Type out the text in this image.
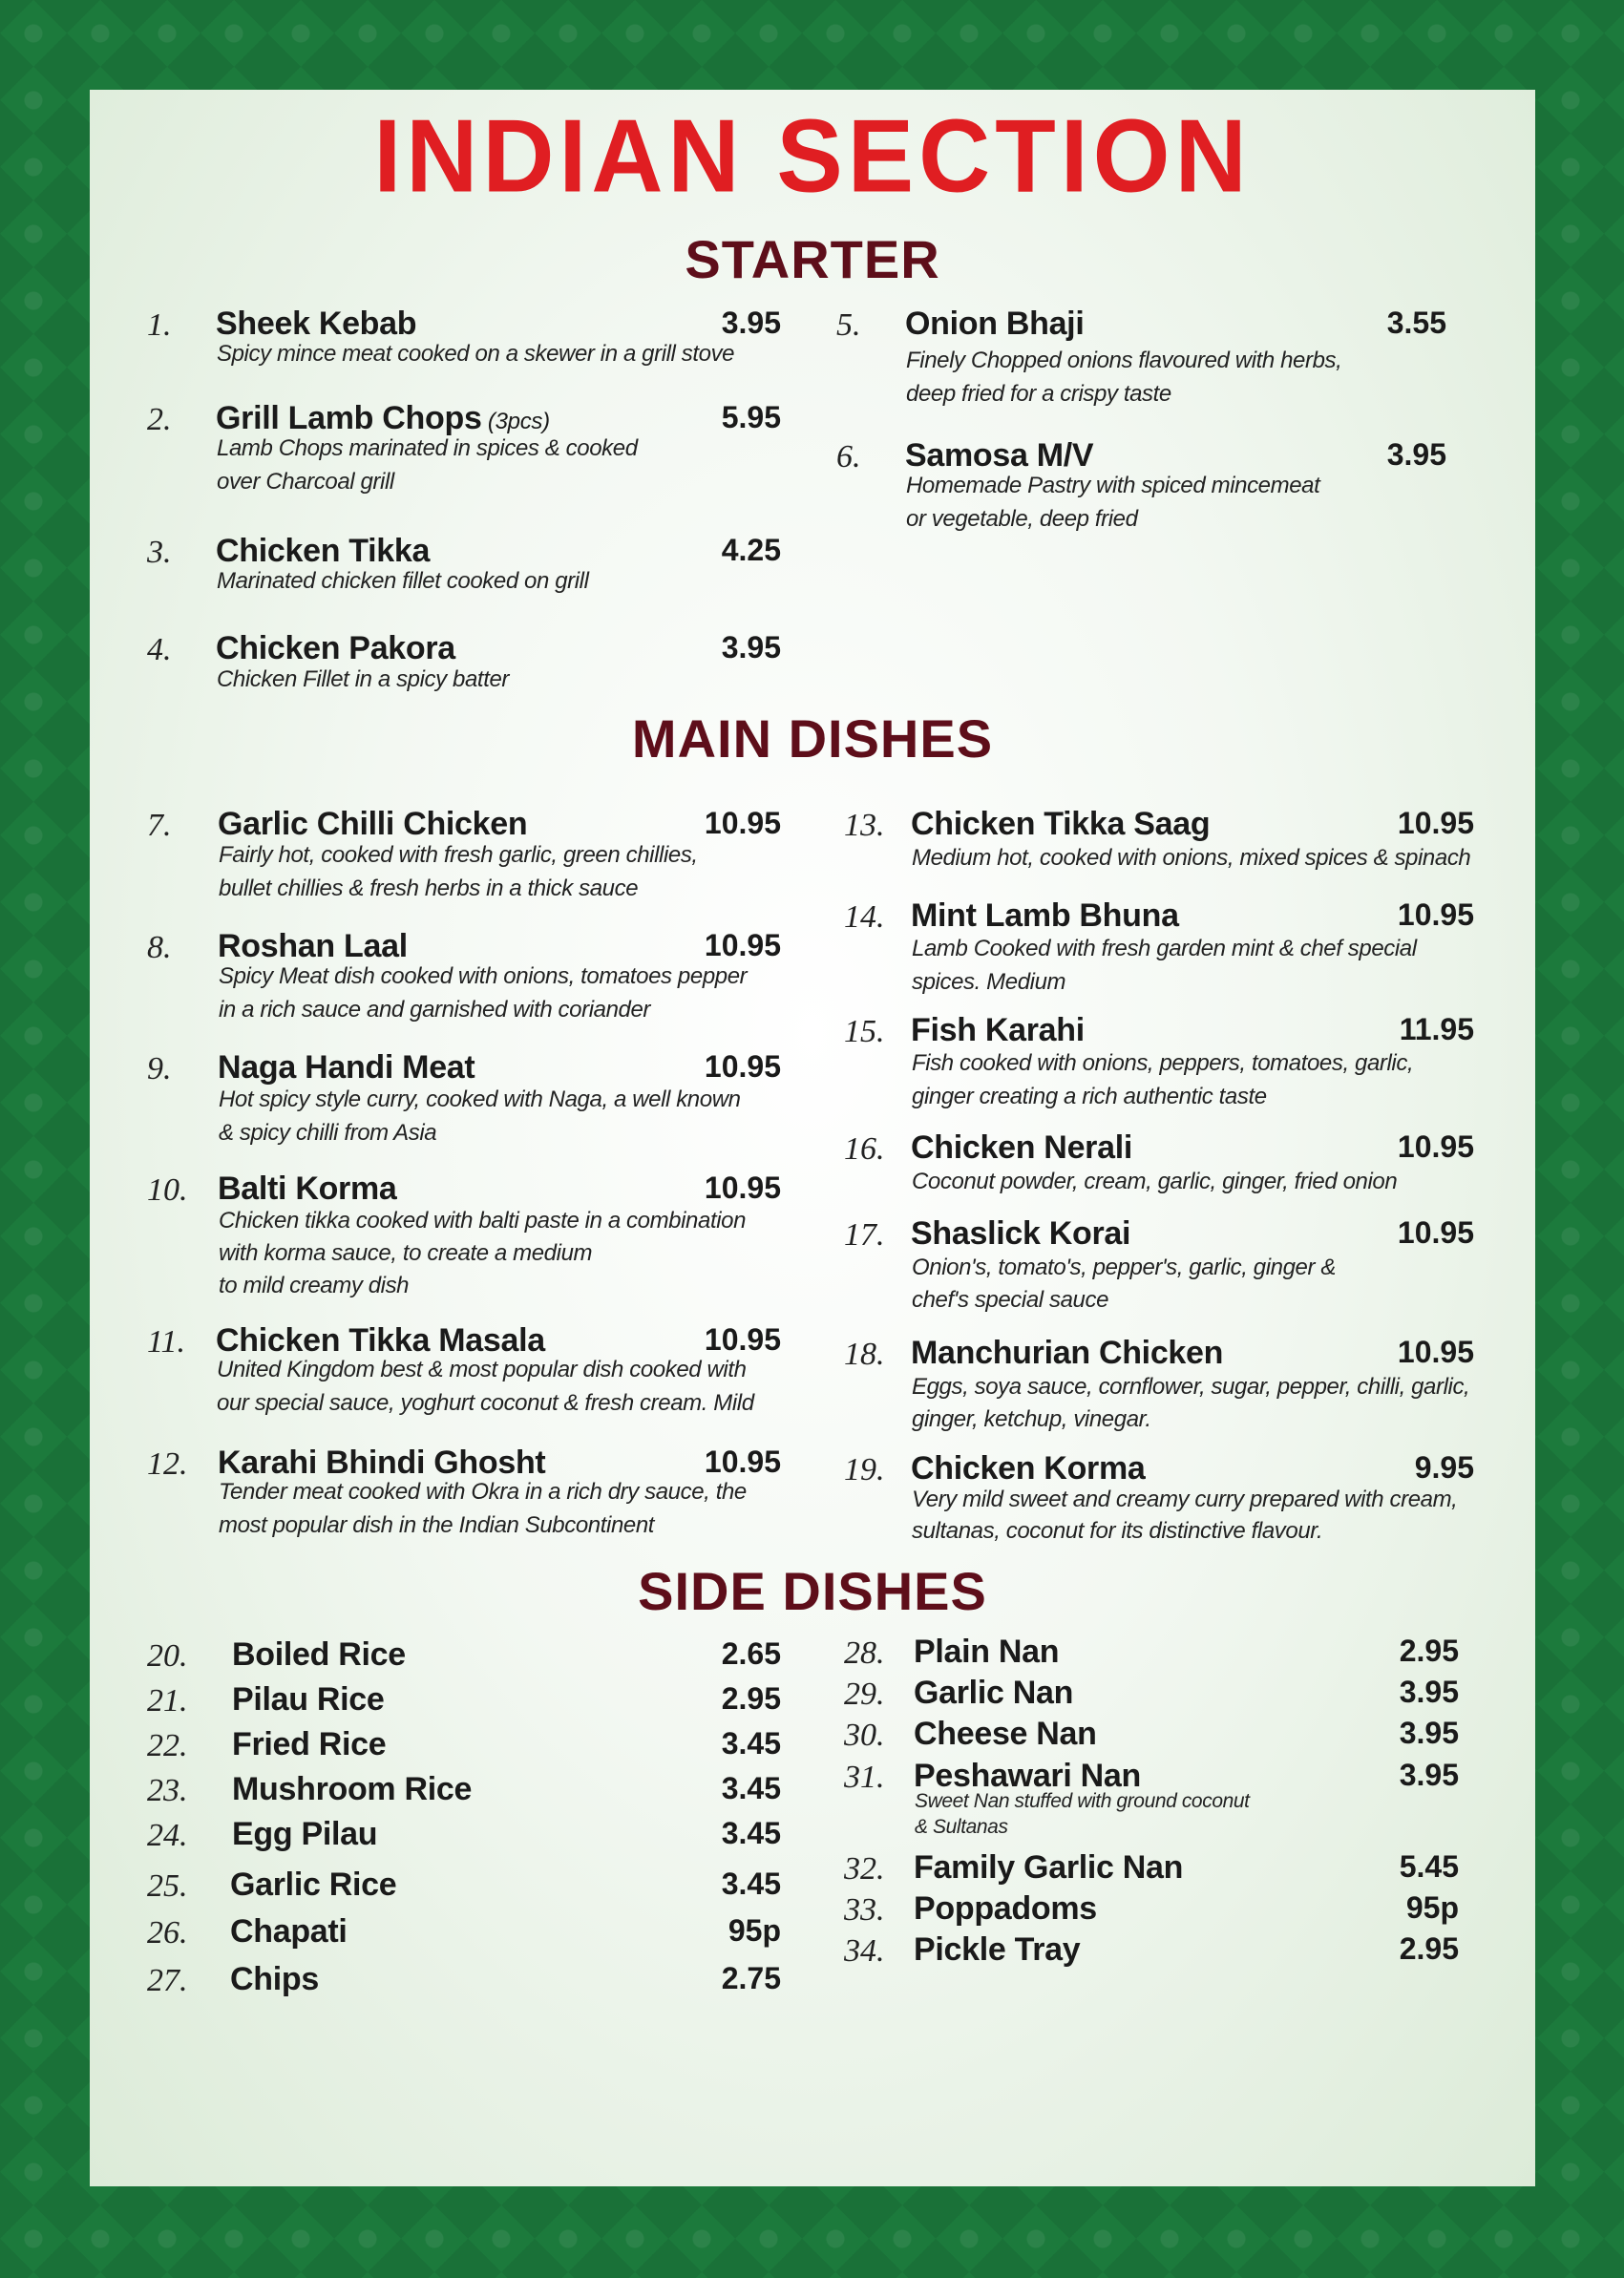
INDIAN SECTION
STARTER
MAIN DISHES
SIDE DISHES
1. Sheek Kebab	3.95
Spicy mince meat cooked on a skewer in a grill stove
2. Grill Lamb Chops (3pcs)	5.95
Lamb Chops marinated in spices & cooked
over Charcoal grill
3. Chicken Tikka	4.25
Marinated chicken fillet cooked on grill
4. Chicken Pakora	3.95
Chicken Fillet in a spicy batter
5. Onion Bhaji	3.55
Finely Chopped onions flavoured with herbs,
deep fried for a crispy taste
6. Samosa M/V	3.95
Homemade Pastry with spiced mincemeat
or vegetable, deep fried
7. Garlic Chilli Chicken	10.95
Fairly hot, cooked with fresh garlic, green chillies,
bullet chillies & fresh herbs in a thick sauce
8. Roshan Laal	10.95
Spicy Meat dish cooked with onions, tomatoes pepper
in a rich sauce and garnished with coriander
9. Naga Handi Meat	10.95
Hot spicy style curry, cooked with Naga, a well known
& spicy chilli from Asia
10. Balti Korma	10.95
Chicken tikka cooked with balti paste in a combination
with korma sauce, to create a medium
to mild creamy dish
11. Chicken Tikka Masala	10.95
United Kingdom best & most popular dish cooked with
our special sauce, yoghurt coconut & fresh cream. Mild
12. Karahi Bhindi Ghosht	10.95
Tender meat cooked with Okra in a rich dry sauce, the
most popular dish in the Indian Subcontinent
13. Chicken Tikka Saag	10.95
Medium hot, cooked with onions, mixed spices & spinach
14. Mint Lamb Bhuna	10.95
Lamb Cooked with fresh garden mint & chef special
spices. Medium
15. Fish Karahi	11.95
Fish cooked with onions, peppers, tomatoes, garlic,
ginger creating a rich authentic taste
16. Chicken Nerali	10.95
Coconut powder, cream, garlic, ginger, fried onion
17. Shaslick Korai	10.95
Onion's, tomato's, pepper's, garlic, ginger &
chef's special sauce
18. Manchurian Chicken	10.95
Eggs, soya sauce, cornflower, sugar, pepper, chilli, garlic,
ginger, ketchup, vinegar.
19. Chicken Korma	9.95
Very mild sweet and creamy curry prepared with cream,
sultanas, coconut for its distinctive flavour.
20. Boiled Rice	2.65
21. Pilau Rice	2.95
22. Fried Rice	3.45
23. Mushroom Rice	3.45
24. Egg Pilau	3.45
25. Garlic Rice	3.45
26. Chapati	95p
27. Chips	2.75
28. Plain Nan	2.95
29. Garlic Nan	3.95
30. Cheese Nan	3.95
31. Peshawari Nan	3.95
Sweet Nan stuffed with ground coconut
& Sultanas
32. Family Garlic Nan	5.45
33. Poppadoms	95p
34. Pickle Tray	2.95
